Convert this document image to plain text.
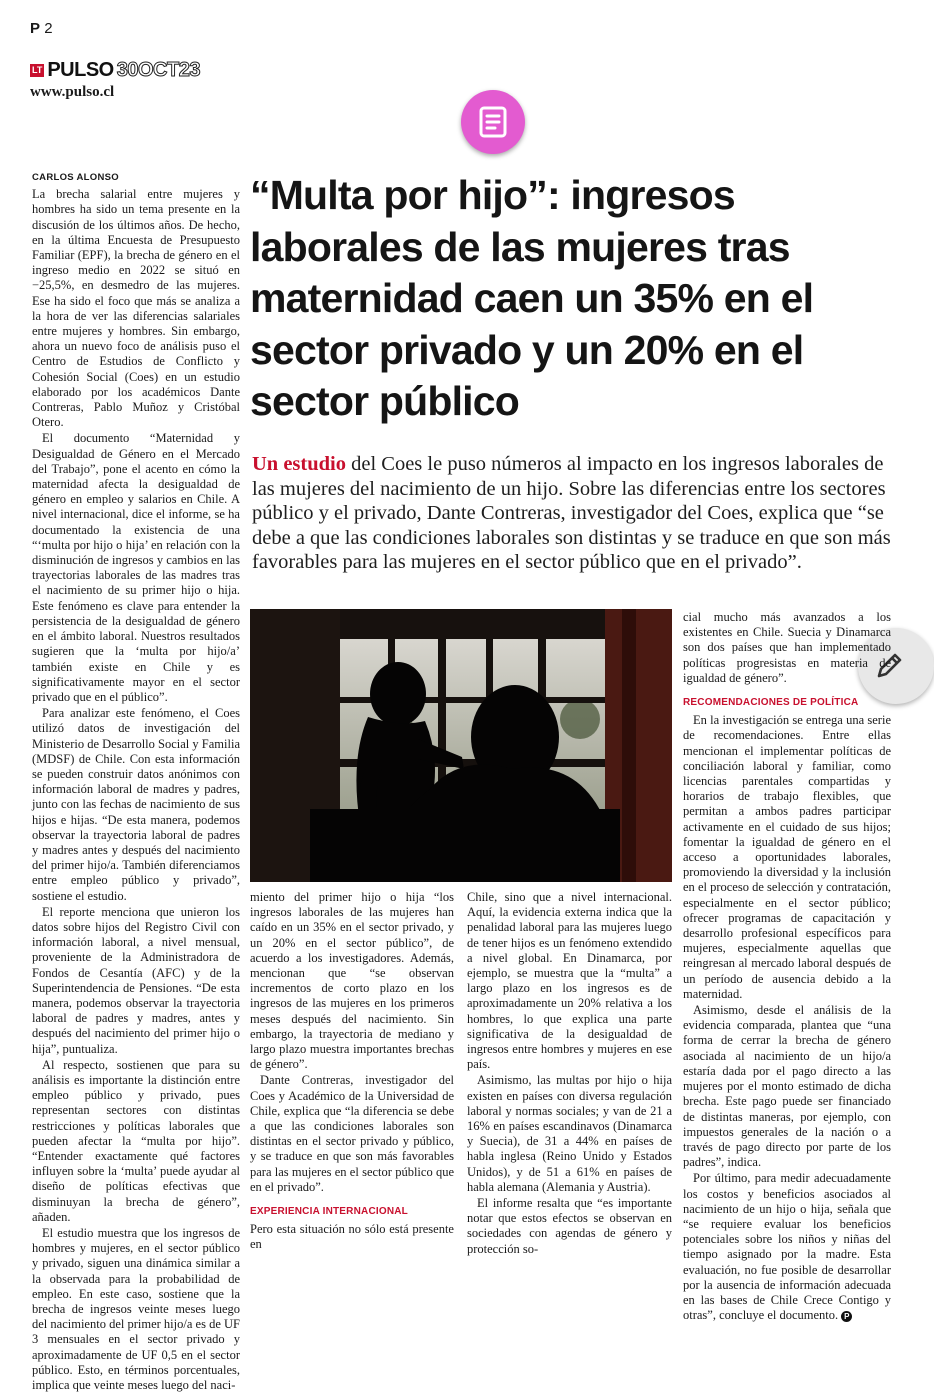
P 2
LT PULSO 30OCT23
www.pulso.cl
“Multa por hijo”: ingresos laborales de las mujeres tras maternidad caen un 35% en el sector privado y un 20% en el sector público

Un estudio del Coes le puso números al impacto en los ingresos laborales de las mujeres del nacimiento de un hijo. Sobre las diferencias entre los sectores público y el privado, Dante Contreras, investigador del Coes, explica que “se debe a que las condiciones laborales son distintas y se traduce en que son más favorables para las mujeres en el sector público que en el privado”.

CARLOS ALONSO

La brecha salarial entre mujeres y hombres ha sido un tema presente en la discusión de los últimos años. De hecho, en la última Encuesta de Presupuesto Familiar (EPF), la brecha de género en el ingreso medio en 2022 se situó en −25,5%, en desmedro de las mujeres. Ese ha sido el foco que más se analiza a la hora de ver las diferencias salariales entre mujeres y hombres. Sin embargo, ahora un nuevo foco de análisis puso el Centro de Estudios de Conflicto y Cohesión Social (Coes) en un estudio elaborado por los académicos Dante Contreras, Pablo Muñoz y Cristóbal Otero.

El documento “Maternidad y Desigualdad de Género en el Mercado del Trabajo”, pone el acento en cómo la maternidad afecta la desigualdad de género en empleo y salarios en Chile. A nivel internacional, dice el informe, se ha documentado la existencia de una “‘multa por hijo o hija’ en relación con la disminución de ingresos y cambios en las trayectorias laborales de las madres tras el nacimiento de su primer hijo o hija. Este fenómeno es clave para entender la persistencia de la desigualdad de género en el ámbito laboral. Nuestros resultados sugieren que la ‘multa por hijo/a’ también existe en Chile y es significativamente mayor en el sector privado que en el público”.

Para analizar este fenómeno, el Coes utilizó datos de investigación del Ministerio de Desarrollo Social y Familia (MDSF) de Chile. Con esta información se pueden construir datos anónimos con información laboral de madres y padres, junto con las fechas de nacimiento de sus hijos e hijas. “De esta manera, podemos observar la trayectoria laboral de padres y madres antes y después del nacimiento del primer hijo/a. También diferenciamos entre empleo público y privado”, sostiene el estudio.

El reporte menciona que unieron los datos sobre hijos del Registro Civil con información laboral, a nivel mensual, proveniente de la Administradora de Fondos de Cesantía (AFC) y de la Superintendencia de Pensiones. “De esta manera, podemos observar la trayectoria laboral de padres y madres, antes y después del nacimiento del primer hijo o hija”, puntualiza.

Al respecto, sostienen que para su análisis es importante la distinción entre empleo público y privado, pues representan sectores con distintas restricciones y políticas laborales que pueden afectar la “multa por hijo”. “Entender exactamente qué factores influyen sobre la ‘multa’ puede ayudar al diseño de políticas efectivas que disminuyan la brecha de género”, añaden.

El estudio muestra que los ingresos de hombres y mujeres, en el sector público y privado, siguen una dinámica similar a la observada para la probabilidad de empleo. En este caso, sostiene que la brecha de ingresos veinte meses luego del nacimiento del primer hijo/a es de UF 3 mensuales en el sector privado y aproximadamente de UF 0,5 en el sector público. Esto, en términos porcentuales, implica que veinte meses luego del naci-

miento del primer hijo o hija “los ingresos laborales de las mujeres han caído en un 35% en el sector privado, y un 20% en el sector público”, de acuerdo a los investigadores. Además, mencionan que “se observan incrementos de corto plazo en los ingresos de las mujeres en los primeros meses después del nacimiento. Sin embargo, la trayectoria de mediano y largo plazo muestra importantes brechas de género”.

Dante Contreras, investigador del Coes y Académico de la Universidad de Chile, explica que “la diferencia se debe a que las condiciones laborales son distintas en el sector privado y público, y se traduce en que son más favorables para las mujeres en el sector público que en el privado”.

EXPERIENCIA INTERNACIONAL

Pero esta situación no sólo está presente en

Chile, sino que a nivel internacional. Aquí, la evidencia externa indica que la penalidad laboral para las mujeres luego de tener hijos es un fenómeno extendido a nivel global. En Dinamarca, por ejemplo, se muestra que la “multa” a largo plazo en los ingresos es de aproximadamente un 20% relativa a los hombres, lo que explica una parte significativa de la desigualdad de ingresos entre hombres y mujeres en ese país.

Asimismo, las multas por hijo o hija existen en países con diversa regulación laboral y normas sociales; y van de 21 a 16% en países escandinavos (Dinamarca y Suecia), de 31 a 44% en países de habla inglesa (Reino Unido y Estados Unidos), y de 51 a 61% en países de habla alemana (Alemania y Austria).

El informe resalta que “es importante notar que estos efectos se observan en sociedades con agendas de género y protección so-

cial mucho más avanzados a los existentes en Chile. Suecia y Dinamarca son dos países que han implementado políticas progresistas en materia de igualdad de género”.

RECOMENDACIONES DE POLÍTICA

En la investigación se entrega una serie de recomendaciones. Entre ellas mencionan el implementar políticas de conciliación laboral y familiar, como licencias parentales compartidas y horarios de trabajo flexibles, que permitan a ambos padres participar activamente en el cuidado de sus hijos; fomentar la igualdad de género en el acceso a oportunidades laborales, promoviendo la diversidad y la inclusión en el proceso de selección y contratación, especialmente en el sector público; ofrecer programas de capacitación y desarrollo profesional específicos para mujeres, especialmente aquellas que reingresan al mercado laboral después de un período de ausencia debido a la maternidad.

Asimismo, desde el análisis de la evidencia comparada, plantea que “una forma de cerrar la brecha de género asociada al nacimiento de un hijo/a estaría dada por el pago directo a las mujeres por el monto estimado de dicha brecha. Este pago puede ser financiado de distintas maneras, por ejemplo, con impuestos generales de la nación o a través de pago directo por parte de los padres”, indica.

Por último, para medir adecuadamente los costos y beneficios asociados al nacimiento de un hijo o hija, señala que “se requiere evaluar los beneficios potenciales sobre los niños y niñas del tiempo asignado por la madre. Esta evaluación, no fue posible de desarrollar por la ausencia de información adecuada en las bases de Chile Crece Contigo y otras”, concluye el documento. P
